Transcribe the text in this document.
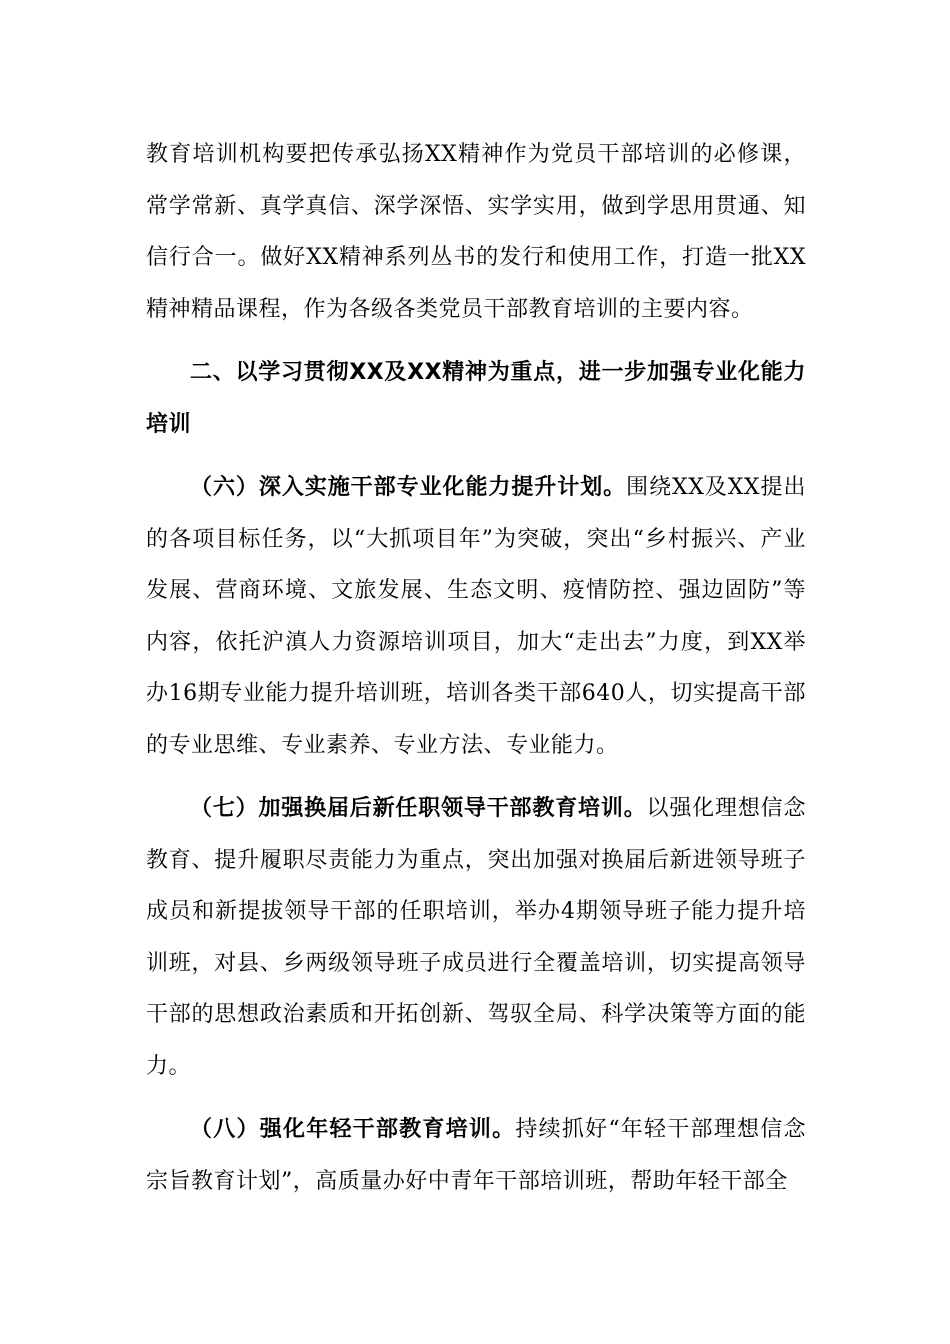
教育培训机构要把传承弘扬XX精神作为党员干部培训的必修课，常学常新、真学真信、深学深悟、实学实用，做到学思用贯通、知信行合一。做好XX精神系列丛书的发行和使用工作，打造一批XX精神精品课程，作为各级各类党员干部教育培训的主要内容。

二、以学习贯彻XX及XX精神为重点，进一步加强专业化能力培训

（六）深入实施干部专业化能力提升计划。围绕XX及XX提出的各项目标任务，以“大抓项目年”为突破，突出“乡村振兴、产业发展、营商环境、文旅发展、生态文明、疫情防控、强边固防”等内容，依托沪滇人力资源培训项目，加大“走出去”力度，到XX举办16期专业能力提升培训班，培训各类干部640人，切实提高干部的专业思维、专业素养、专业方法、专业能力。

（七）加强换届后新任职领导干部教育培训。以强化理想信念教育、提升履职尽责能力为重点，突出加强对换届后新进领导班子成员和新提拔领导干部的任职培训，举办4期领导班子能力提升培训班，对县、乡两级领导班子成员进行全覆盖培训，切实提高领导干部的思想政治素质和开拓创新、驾驭全局、科学决策等方面的能力。

（八）强化年轻干部教育培训。持续抓好“年轻干部理想信念宗旨教育计划”，高质量办好中青年干部培训班，帮助年轻干部全
